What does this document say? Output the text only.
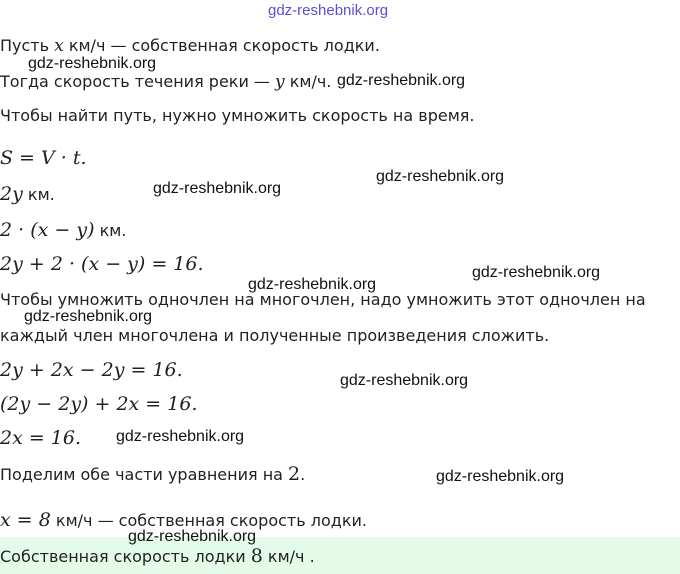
gdz-reshebnik.org
gdz-reshebnik.org
gdz-reshebnik.org
gdz-reshebnik.org
gdz-reshebnik.org
gdz-reshebnik.org
gdz-reshebnik.org
gdz-reshebnik.org
gdz-reshebnik.org
gdz-reshebnik.org
gdz-reshebnik.org
gdz-reshebnik.org
Пусть x км/ч — собственная скорость лодки.
Тогда скорость течения реки — y км/ч.
Чтобы найти путь, нужно умножить скорость на время.
S = V · t.
2y км.
2 · (x − y) км.
2y + 2 · (x − y) = 16.
Чтобы умножить одночлен на многочлен, надо умножить этот одночлен на
каждый член многочлена и полученные произведения сложить.
2y + 2x − 2y = 16.
(2y − 2y) + 2x = 16.
2x = 16.
Поделим обе части уравнения на 2.
x = 8 км/ч — собственная скорость лодки.
Собственная скорость лодки 8 км/ч .
